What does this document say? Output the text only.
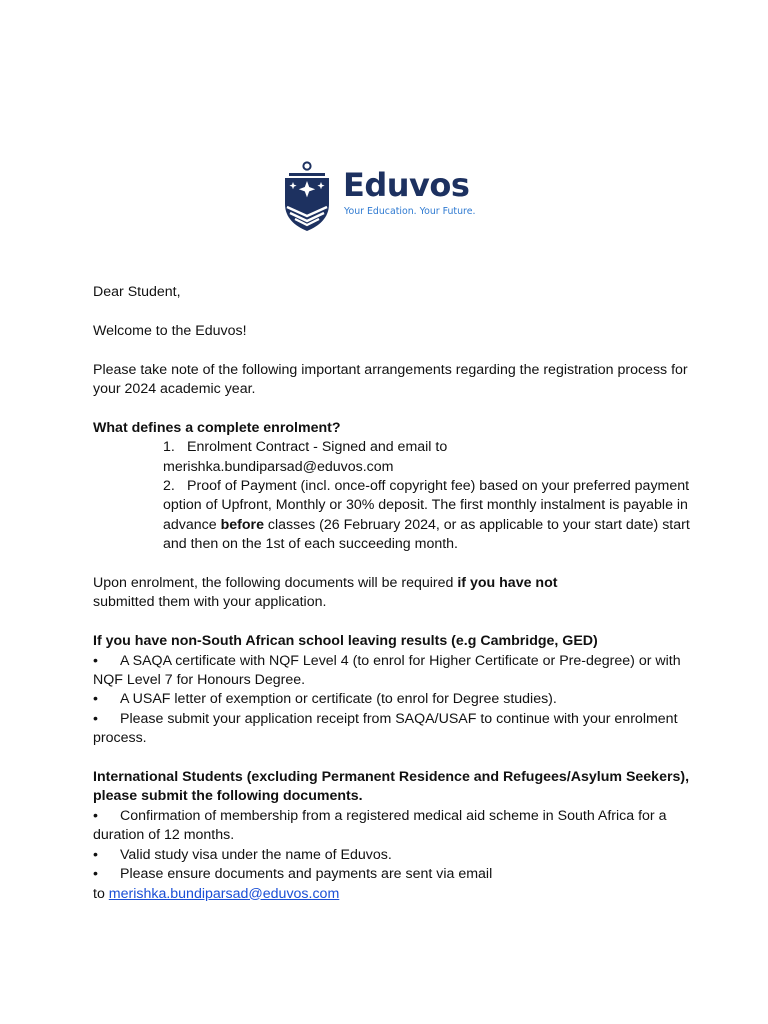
Eduvos
Your Education. Your Future.

Dear Student,

Welcome to the Eduvos!

Please take note of the following important arrangements regarding the registration process for your 2024 academic year.

What defines a complete enrolment?

1. Enrolment Contract - Signed and email to

merishka.bundiparsad@eduvos.com

2. Proof of Payment (incl. once-off copyright fee) based on your preferred payment option of Upfront, Monthly or 30% deposit. The first monthly instalment is payable in advance before classes (26 February 2024, or as applicable to your start date) start and then on the 1st of each succeeding month.

Upon enrolment, the following documents will be required if you have not submitted them with your application.

If you have non-South African school leaving results (e.g Cambridge, GED)

• A SAQA certificate with NQF Level 4 (to enrol for Higher Certificate or Pre-degree) or with NQF Level 7 for Honours Degree.

• A USAF letter of exemption or certificate (to enrol for Degree studies).

• Please submit your application receipt from SAQA/USAF to continue with your enrolment process.

International Students (excluding Permanent Residence and Refugees/Asylum Seekers), please submit the following documents.

• Confirmation of membership from a registered medical aid scheme in South Africa for a duration of 12 months.

• Valid study visa under the name of Eduvos.

• Please ensure documents and payments are sent via email

to merishka.bundiparsad@eduvos.com
